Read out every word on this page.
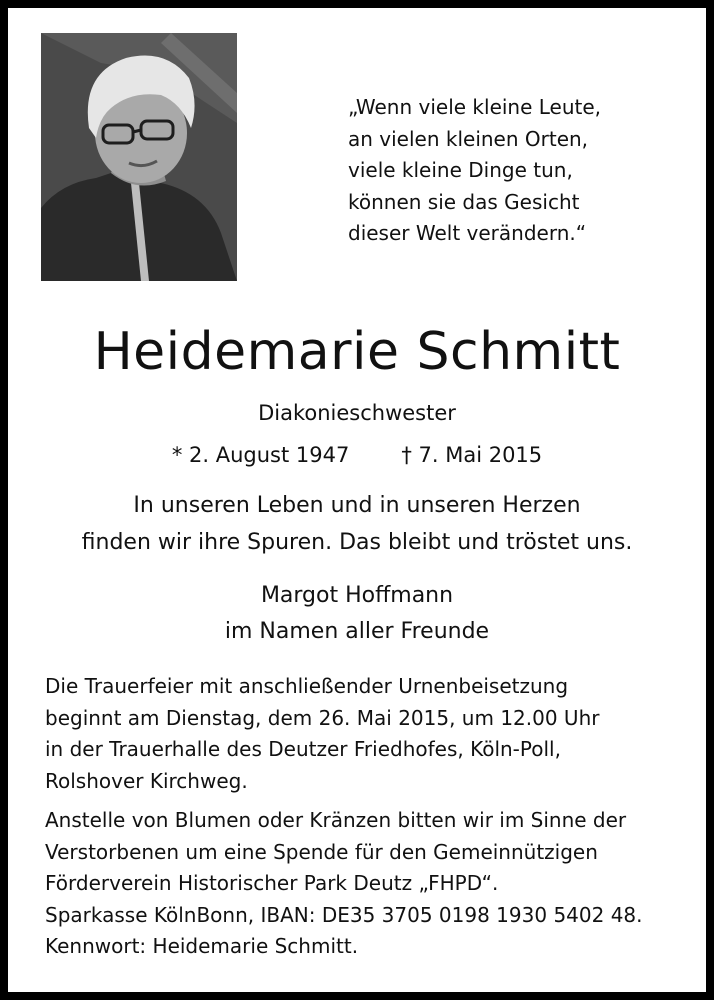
„Wenn viele kleine Leute,
an vielen kleinen Orten,
viele kleine Dinge tun,
können sie das Gesicht
dieser Welt verändern.“
Heidemarie Schmitt
Diakonieschwester
* 2. August 1947 † 7. Mai 2015
In unseren Leben und in unseren Herzen
finden wir ihre Spuren. Das bleibt und tröstet uns.
Margot Hoffmann
im Namen aller Freunde
Die Trauerfeier mit anschließender Urnenbeisetzung
beginnt am Dienstag, dem 26. Mai 2015, um 12.00 Uhr
in der Trauerhalle des Deutzer Friedhofes, Köln-Poll,
Rolshover Kirchweg.
Anstelle von Blumen oder Kränzen bitten wir im Sinne der
Verstorbenen um eine Spende für den Gemeinnützigen
Förderverein Historischer Park Deutz „FHPD“.
Sparkasse KölnBonn, IBAN: DE35 3705 0198 1930 5402 48.
Kennwort: Heidemarie Schmitt.
